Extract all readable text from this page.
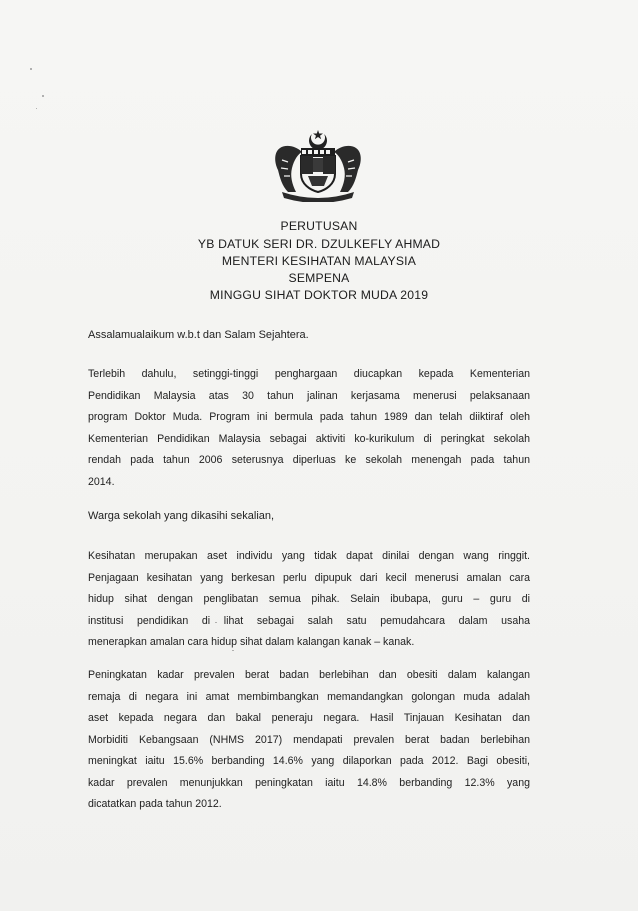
PERUTUSAN
YB DATUK SERI DR. DZULKEFLY AHMAD
MENTERI KESIHATAN MALAYSIA
SEMPENA
MINGGU SIHAT DOKTOR MUDA 2019
Assalamualaikum w.b.t dan Salam Sejahtera.
Terlebih dahulu, setinggi-tinggi penghargaan diucapkan kepada Kementerian
Pendidikan Malaysia atas 30 tahun jalinan kerjasama menerusi pelaksanaan
program Doktor Muda. Program ini bermula pada tahun 1989 dan telah diiktiraf oleh
Kementerian Pendidikan Malaysia sebagai aktiviti ko-kurikulum di peringkat sekolah
rendah pada tahun 2006 seterusnya diperluas ke sekolah menengah pada tahun
2014.
Warga sekolah yang dikasihi sekalian,
Kesihatan merupakan aset individu yang tidak dapat dinilai dengan wang ringgit.
Penjagaan kesihatan yang berkesan perlu dipupuk dari kecil menerusi amalan cara
hidup sihat dengan penglibatan semua pihak. Selain ibubapa, guru – guru di
institusi pendidikan di lihat sebagai salah satu pemudahcara dalam usaha
menerapkan amalan cara hidup sihat dalam kalangan kanak – kanak.
Peningkatan kadar prevalen berat badan berlebihan dan obesiti dalam kalangan
remaja di negara ini amat membimbangkan memandangkan golongan muda adalah
aset kepada negara dan bakal peneraju negara. Hasil Tinjauan Kesihatan dan
Morbiditi Kebangsaan (NHMS 2017) mendapati prevalen berat badan berlebihan
meningkat iaitu 15.6% berbanding 14.6% yang dilaporkan pada 2012. Bagi obesiti,
kadar prevalen menunjukkan peningkatan iaitu 14.8% berbanding 12.3% yang
dicatatkan pada tahun 2012.
